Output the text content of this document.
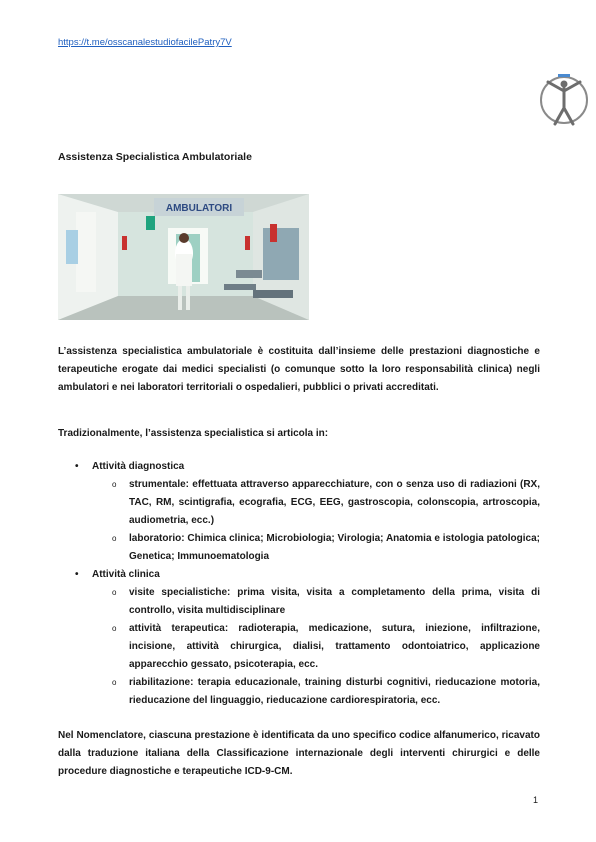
https://t.me/osscanalestudiofacilePatry7V
Assistenza Specialistica Ambulatoriale
AMBULATORI

L’assistenza specialistica ambulatoriale è costituita dall’insieme delle prestazioni diagnostiche e terapeutiche erogate dai medici specialisti (o comunque sotto la loro responsabilità clinica) negli ambulatori e nei laboratori territoriali o ospedalieri, pubblici o privati accreditati.

Tradizionalmente, l’assistenza specialistica si articola in:

• Attività diagnostica
o strumentale: effettuata attraverso apparecchiature, con o senza uso di radiazioni (RX, TAC, RM, scintigrafia, ecografia, ECG, EEG, gastroscopia, colonscopia, artroscopia, audiometria, ecc.)
o laboratorio: Chimica clinica; Microbiologia; Virologia; Anatomia e istologia patologica; Genetica; Immunoematologia
• Attività clinica
o visite specialistiche: prima visita, visita a completamento della prima, visita di controllo, visita multidisciplinare
o attività terapeutica: radioterapia, medicazione, sutura, iniezione, infiltrazione, incisione, attività chirurgica, dialisi, trattamento odontoiatrico, applicazione apparecchio gessato, psicoterapia, ecc.
o riabilitazione: terapia educazionale, training disturbi cognitivi, rieducazione motoria, rieducazione del linguaggio, rieducazione cardiorespiratoria, ecc.

Nel Nomenclatore, ciascuna prestazione è identificata da uno specifico codice alfanumerico, ricavato dalla traduzione italiana della Classificazione internazionale degli interventi chirurgici e delle procedure diagnostiche e terapeutiche ICD-9-CM.

1
